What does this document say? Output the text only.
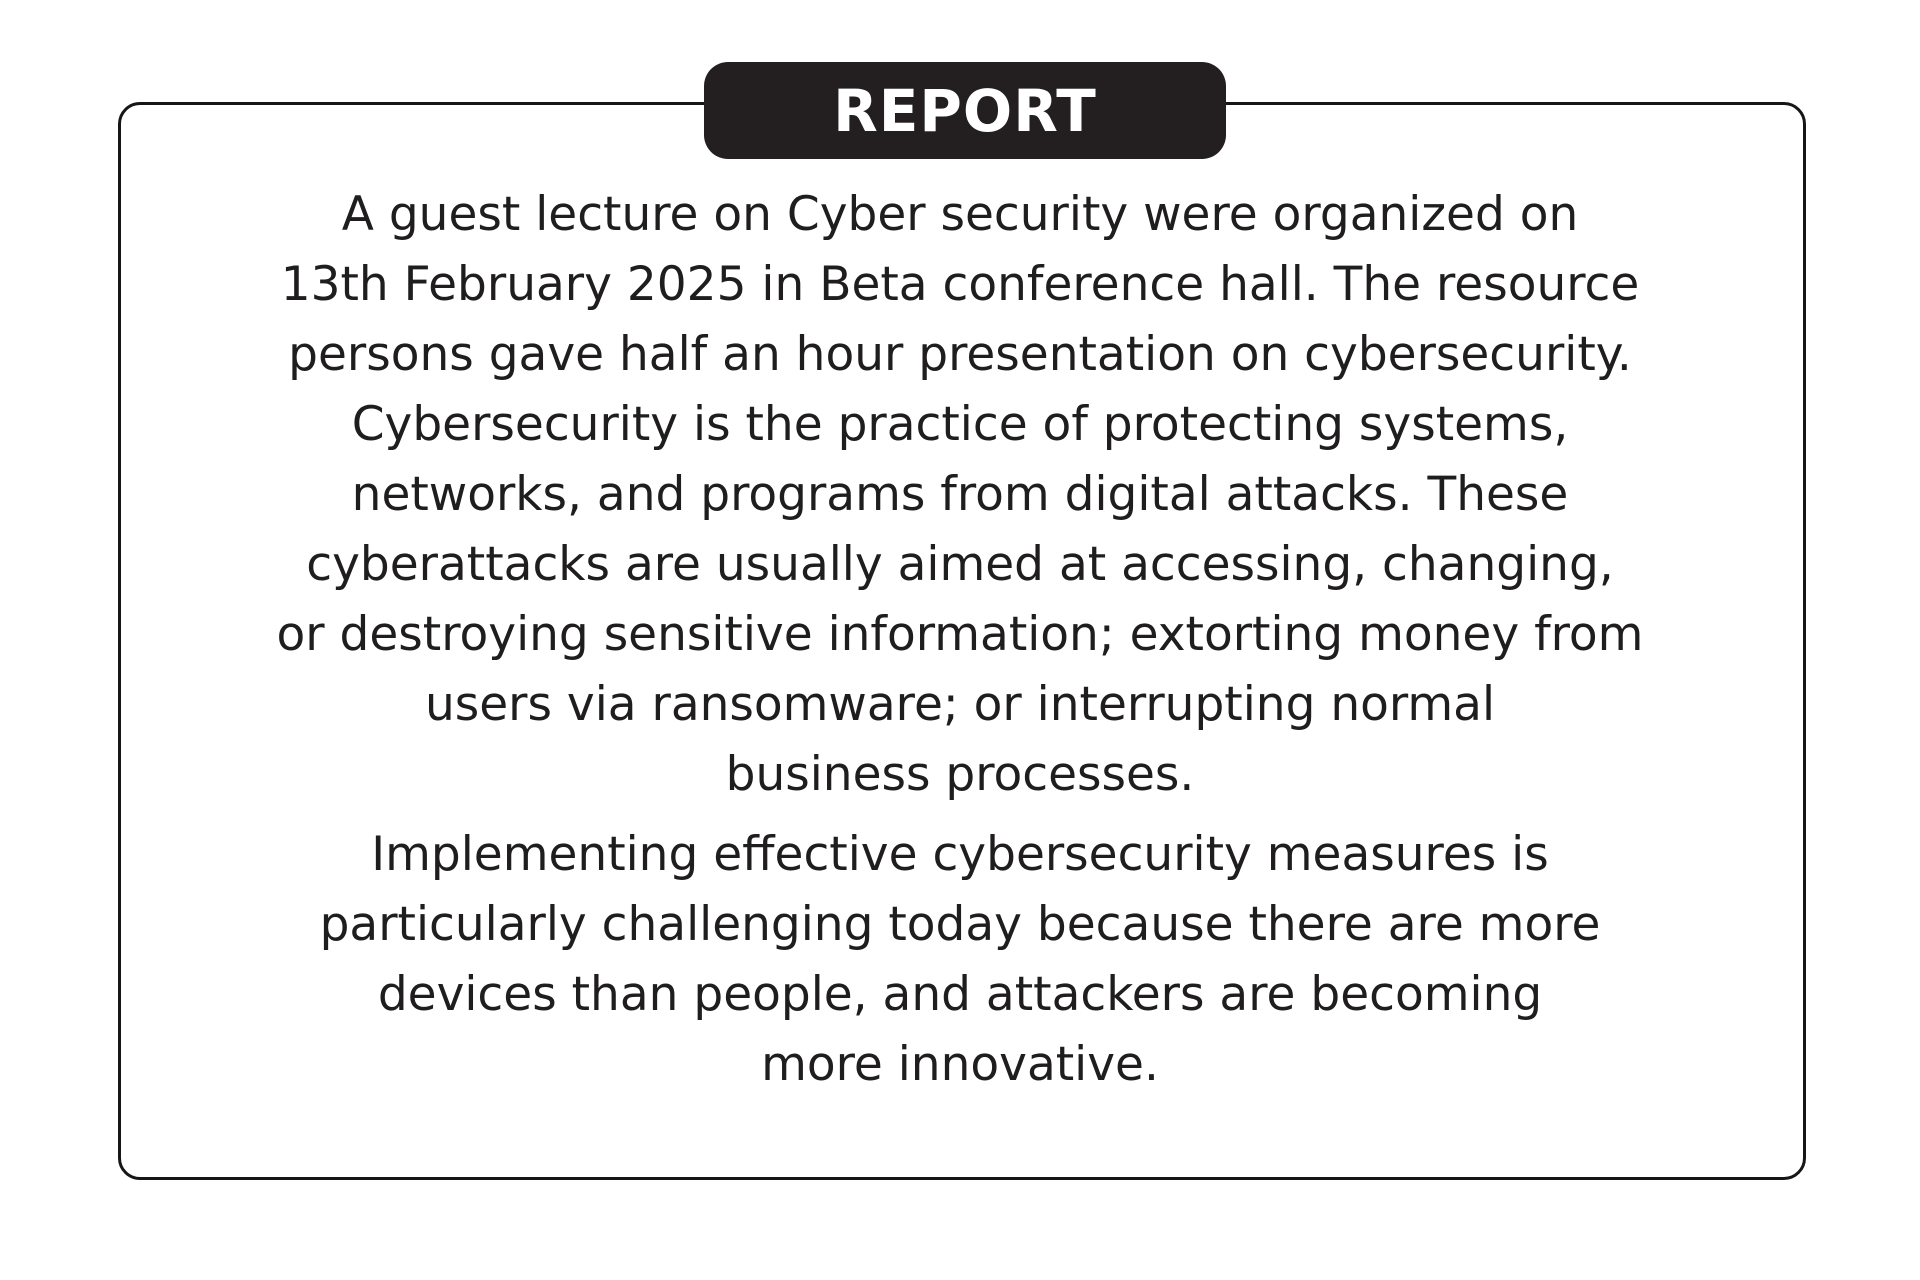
REPORT

A guest lecture on Cyber security were organized on
13th February 2025 in Beta conference hall. The resource
persons gave half an hour presentation on cybersecurity.
Cybersecurity is the practice of protecting systems,
networks, and programs from digital attacks. These
cyberattacks are usually aimed at accessing, changing,
or destroying sensitive information; extorting money from
users via ransomware; or interrupting normal
business processes.

Implementing effective cybersecurity measures is
particularly challenging today because there are more
devices than people, and attackers are becoming
more innovative.
